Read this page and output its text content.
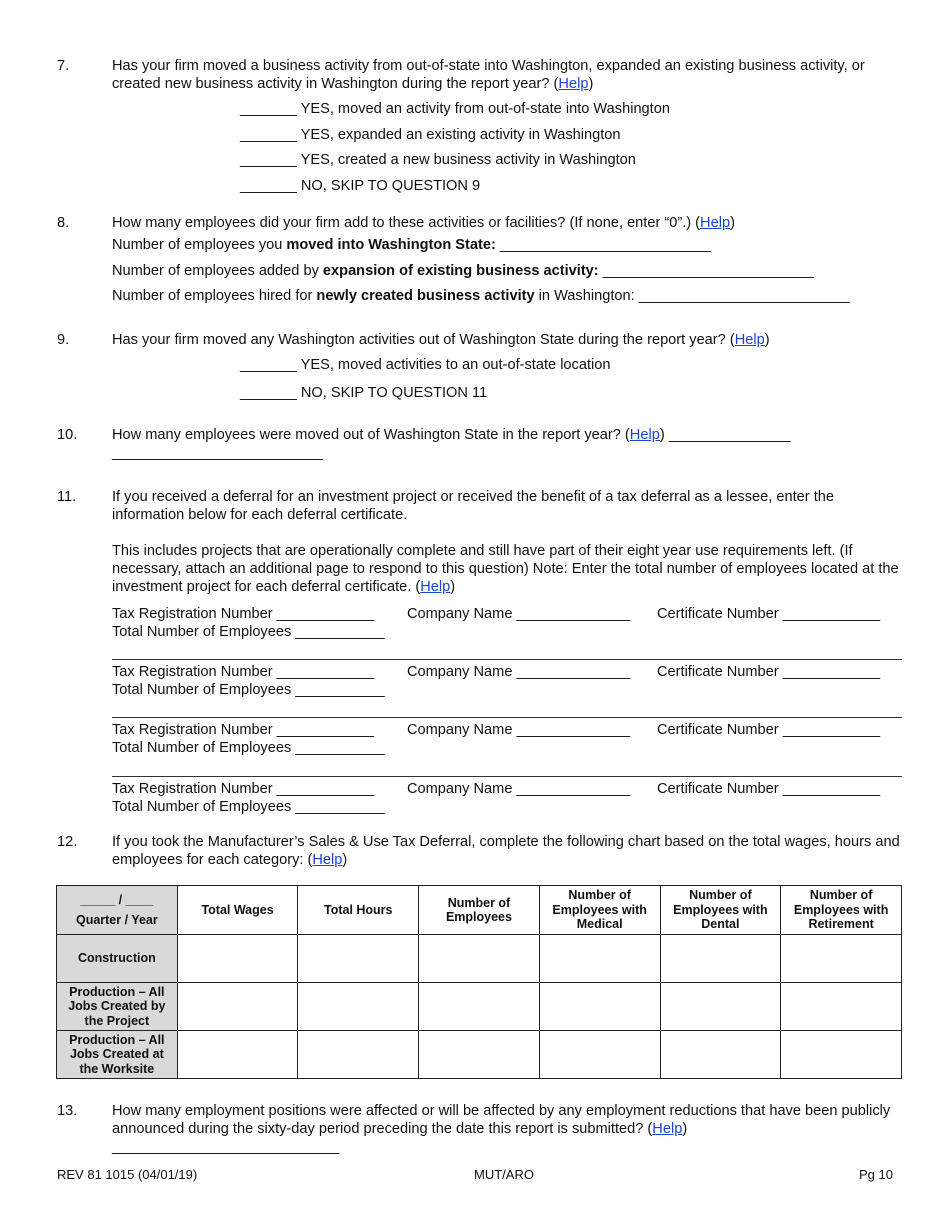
7.	Has your firm moved a business activity from out-of-state into Washington, expanded an existing business activity, or created new business activity in Washington during the report year? (Help)
_______ YES, moved an activity from out-of-state into Washington
_______ YES, expanded an existing activity in Washington
_______ YES, created a new business activity in Washington
_______ NO, SKIP TO QUESTION 9
8.	How many employees did your firm add to these activities or facilities? (If none, enter “0”.) (Help)
Number of employees you moved into Washington State: __________________________
Number of employees added by expansion of existing business activity: __________________________
Number of employees hired for newly created business activity in Washington: __________________________
9.	Has your firm moved any Washington activities out of Washington State during the report year? (Help)
_______ YES, moved activities to an out-of-state location
_______ NO, SKIP TO QUESTION 11
10. How many employees were moved out of Washington State in the report year? (Help) _______________
__________________________
11. If you received a deferral for an investment project or received the benefit of a tax deferral as a lessee, enter the information below for each deferral certificate.
This includes projects that are operationally complete and still have part of their eight year use requirements left. (If necessary, attach an additional page to respond to this question) Note: Enter the total number of employees located at the investment project for each deferral certificate. (Help)
Tax Registration Number ____________ Company Name ______________ Certificate Number ____________
Total Number of Employees ___________
Tax Registration Number ____________ Company Name ______________ Certificate Number ____________
Total Number of Employees ___________
Tax Registration Number ____________ Company Name ______________ Certificate Number ____________
Total Number of Employees ___________
Tax Registration Number ____________ Company Name ______________ Certificate Number ____________
Total Number of Employees ___________
12. If you took the Manufacturer’s Sales & Use Tax Deferral, complete the following chart based on the total wages, hours and employees for each category: (Help)
_____ / ____
Quarter / Year	Total Wages	Total Hours	Number of Employees	Number of Employees with Medical	Number of Employees with Dental	Number of Employees with Retirement
Construction						
Production – All Jobs Created by the Project						
Production – All Jobs Created at the Worksite						
13. How many employment positions were affected or will be affected by any employment reductions that have been publicly announced during the sixty-day period preceding the date this report is submitted? (Help)
____________________________
REV 81 1015 (04/01/19)	MUT/ARO	Pg 10
